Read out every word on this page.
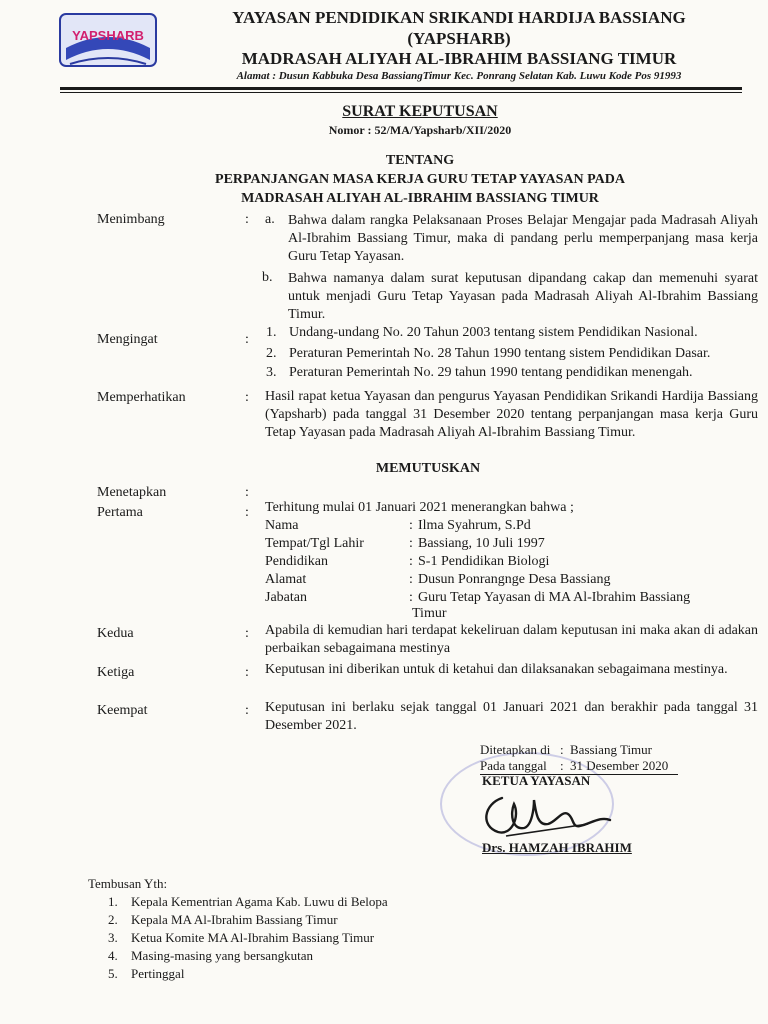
YAPSHARB
YAYASAN PENDIDIKAN SRIKANDI HARDIJA BASSIANG
(YAPSHARB)
MADRASAH ALIYAH AL-IBRAHIM BASSIANG TIMUR
Alamat : Dusun Kabbuka Desa BassiangTimur Kec. Ponrang Selatan Kab. Luwu Kode Pos 91993
SURAT KEPUTUSAN
Nomor : 52/MA/Yapsharb/XII/2020
TENTANG
PERPANJANGAN MASA KERJA GURU TETAP YAYASAN PADA
MADRASAH ALIYAH AL-IBRAHIM BASSIANG TIMUR
Menimbang	: a. Bahwa dalam rangka Pelaksanaan Proses Belajar Mengajar pada Madrasah Aliyah Al-Ibrahim Bassiang Timur, maka di pandang perlu memperpanjang masa kerja Guru Tetap Yayasan.
b. Bahwa namanya dalam surat keputusan dipandang cakap dan memenuhi syarat untuk menjadi Guru Tetap Yayasan pada Madrasah Aliyah Al-Ibrahim Bassiang Timur.
Mengingat	: 1. Undang-undang No. 20 Tahun 2003 tentang sistem Pendidikan Nasional.
2. Peraturan Pemerintah No. 28 Tahun 1990 tentang sistem Pendidikan Dasar.
3. Peraturan Pemerintah No. 29 tahun 1990 tentang pendidikan menengah.
Memperhatikan	: Hasil rapat ketua Yayasan dan pengurus Yayasan Pendidikan Srikandi Hardija Bassiang (Yapsharb) pada tanggal 31 Desember 2020 tentang perpanjangan masa kerja Guru Tetap Yayasan pada Madrasah Aliyah Al-Ibrahim Bassiang Timur.
MEMUTUSKAN
Menetapkan	:
Pertama	: Terhitung mulai 01 Januari 2021 menerangkan bahwa ;
Nama	: Ilma Syahrum, S.Pd
Tempat/Tgl Lahir	: Bassiang, 10 Juli 1997
Pendidikan	: S-1 Pendidikan Biologi
Alamat	: Dusun Ponrangnge Desa Bassiang
Jabatan	: Guru Tetap Yayasan di MA Al-Ibrahim Bassiang
Timur
Kedua	: Apabila di kemudian hari terdapat kekeliruan dalam keputusan ini maka akan di adakan perbaikan sebagaimana mestinya
Ketiga	: Keputusan ini diberikan untuk di ketahui dan dilaksanakan sebagaimana mestinya.
Keempat	: Keputusan ini berlaku sejak tanggal 01 Januari 2021 dan berakhir pada tanggal 31 Desember 2021.
Ditetapkan di : Bassiang Timur
Pada tanggal : 31 Desember 2020
KETUA YAYASAN
Drs. HAMZAH IBRAHIM
Tembusan Yth:
1. Kepala Kementrian Agama Kab. Luwu di Belopa
2. Kepala MA Al-Ibrahim Bassiang Timur
3. Ketua Komite MA Al-Ibrahim Bassiang Timur
4. Masing-masing yang bersangkutan
5. Pertinggal
